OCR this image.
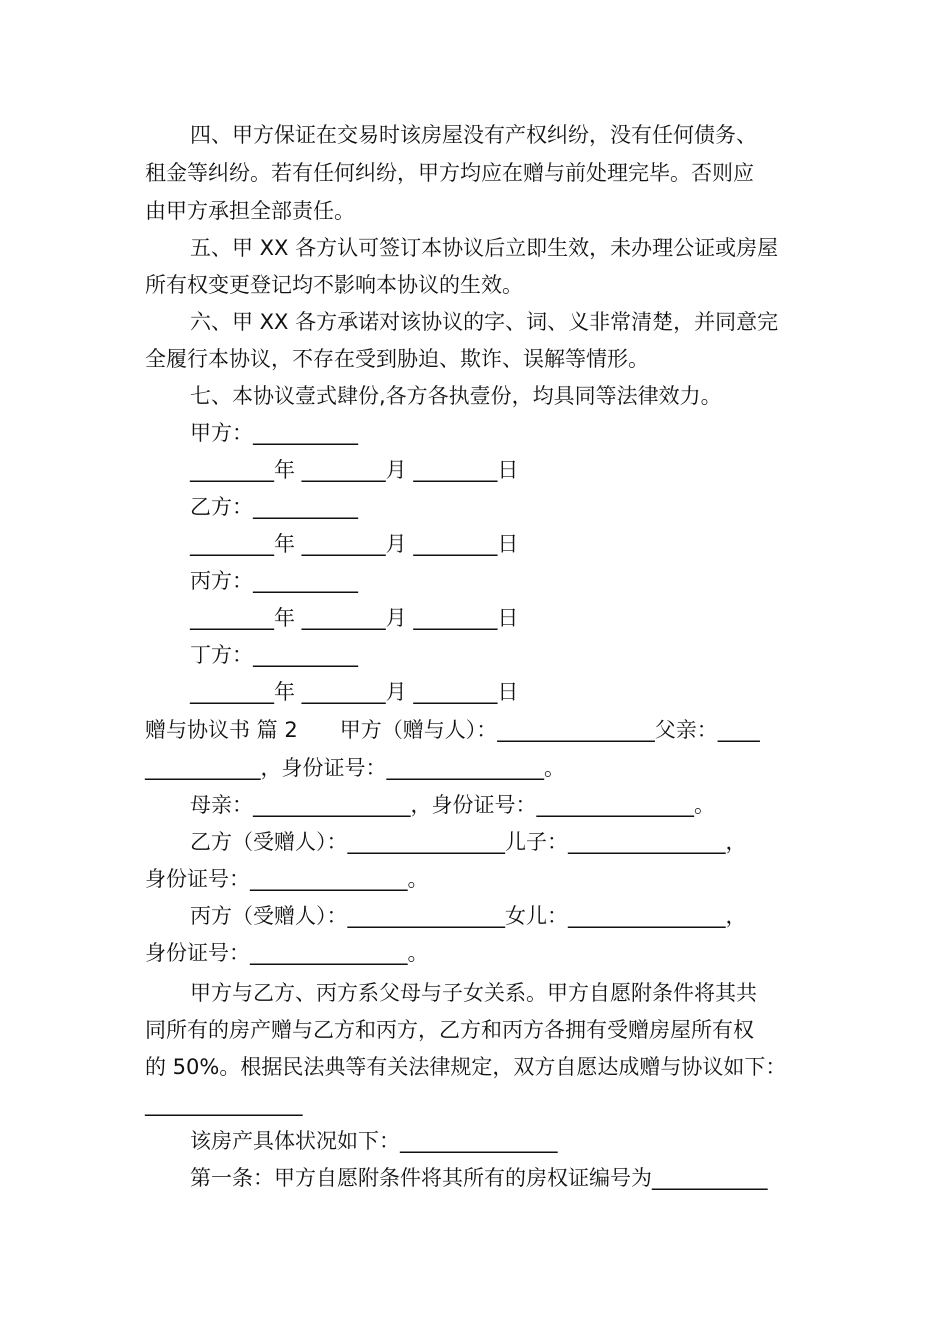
四、甲方保证在交易时该房屋没有产权纠纷，没有任何债务、
租金等纠纷。若有任何纠纷，甲方均应在赠与前处理完毕。否则应
由甲方承担全部责任。
五、甲 XX 各方认可签订本协议后立即生效，未办理公证或房屋
所有权变更登记均不影响本协议的生效。
六、甲 XX 各方承诺对该协议的字、词、义非常清楚，并同意完
全履行本协议，不存在受到胁迫、欺诈、误解等情形。
七、本协议壹式肆份,各方各执壹份，均具同等法律效力。
甲方：__________
________年 ________月 ________日
乙方：__________
________年 ________月 ________日
丙方：__________
________年 ________月 ________日
丁方：__________
________年 ________月 ________日
赠与协议书 篇 2　　甲方（赠与人）：_______________父亲：____
___________，身份证号：_______________。
母亲：_______________，身份证号：_______________。
乙方（受赠人）：_______________儿子：_______________，
身份证号：_______________。
丙方（受赠人）：_______________女儿：_______________，
身份证号：_______________。
甲方与乙方、丙方系父母与子女关系。甲方自愿附条件将其共
同所有的房产赠与乙方和丙方，乙方和丙方各拥有受赠房屋所有权
的 50%。根据民法典等有关法律规定，双方自愿达成赠与协议如下：
_______________
该房产具体状况如下：_______________
第一条：甲方自愿附条件将其所有的房权证编号为___________
